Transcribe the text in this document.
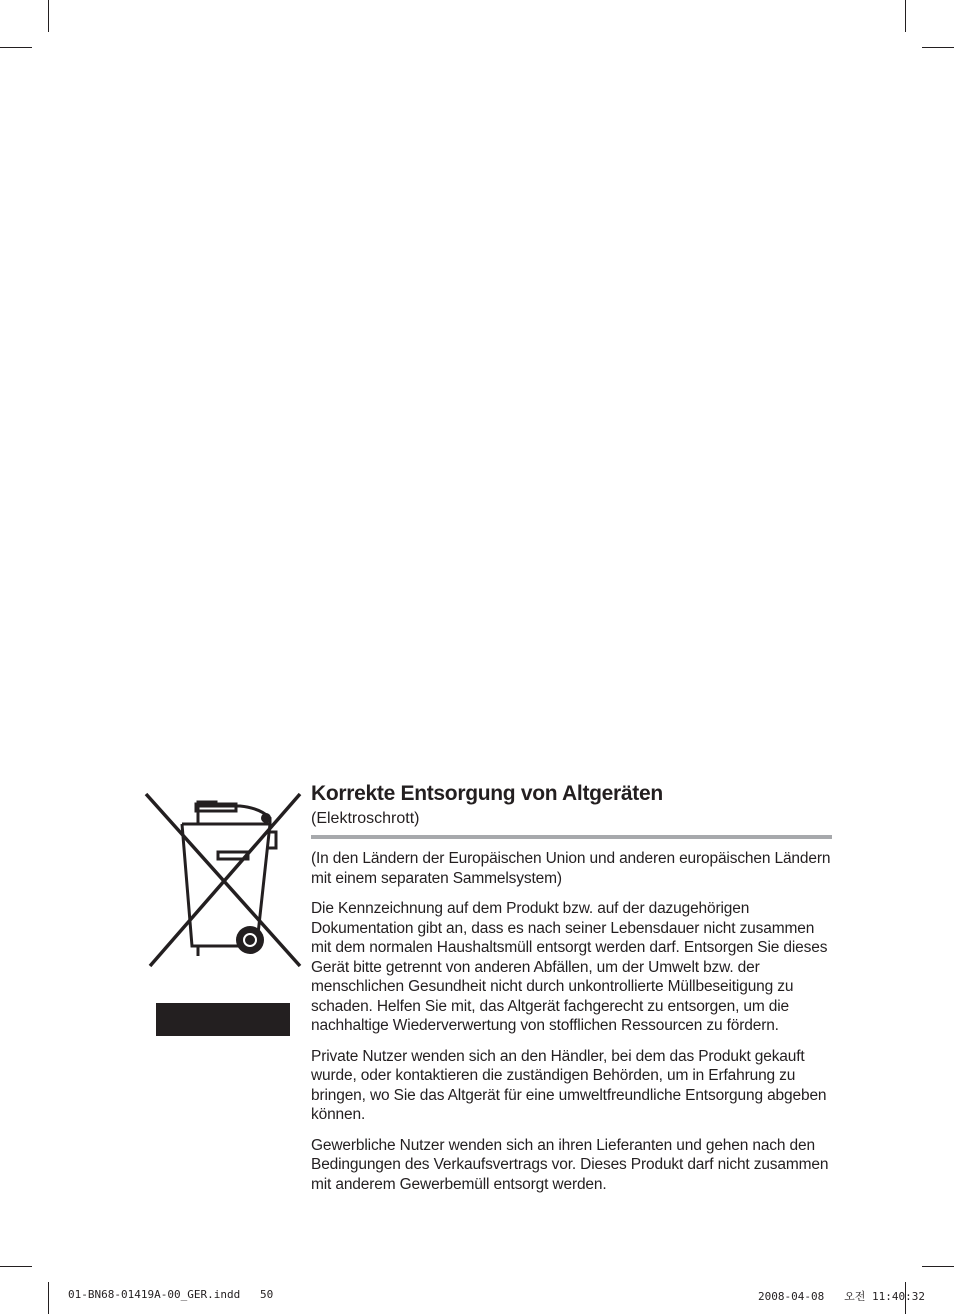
Korrekte Entsorgung von Altgeräten
(Elektroschrott)

(In den Ländern der Europäischen Union und anderen europäischen Ländern mit einem separaten Sammelsystem)

Die Kennzeichnung auf dem Produkt bzw. auf der dazugehörigen Dokumentation gibt an, dass es nach seiner Lebensdauer nicht zusammen mit dem normalen Haushaltsmüll entsorgt werden darf. Entsorgen Sie dieses Gerät bitte getrennt von anderen Abfällen, um der Umwelt bzw. der menschlichen Gesundheit nicht durch unkontrollierte Müllbeseitigung zu schaden. Helfen Sie mit, das Altgerät fachgerecht zu entsorgen, um die nachhaltige Wiederverwertung von stofflichen Ressourcen zu fördern.

Private Nutzer wenden sich an den Händler, bei dem das Produkt gekauft wurde, oder kontaktieren die zuständigen Behörden, um in Erfahrung zu bringen, wo Sie das Altgerät für eine umweltfreundliche Entsorgung abgeben können.

Gewerbliche Nutzer wenden sich an ihren Lieferanten und gehen nach den Bedingungen des Verkaufsvertrags vor. Dieses Produkt darf nicht zusammen mit anderem Gewerbemüll entsorgt werden.

01-BN68-01419A-00_GER.indd   50	2008-04-08   오전 11:40:32
